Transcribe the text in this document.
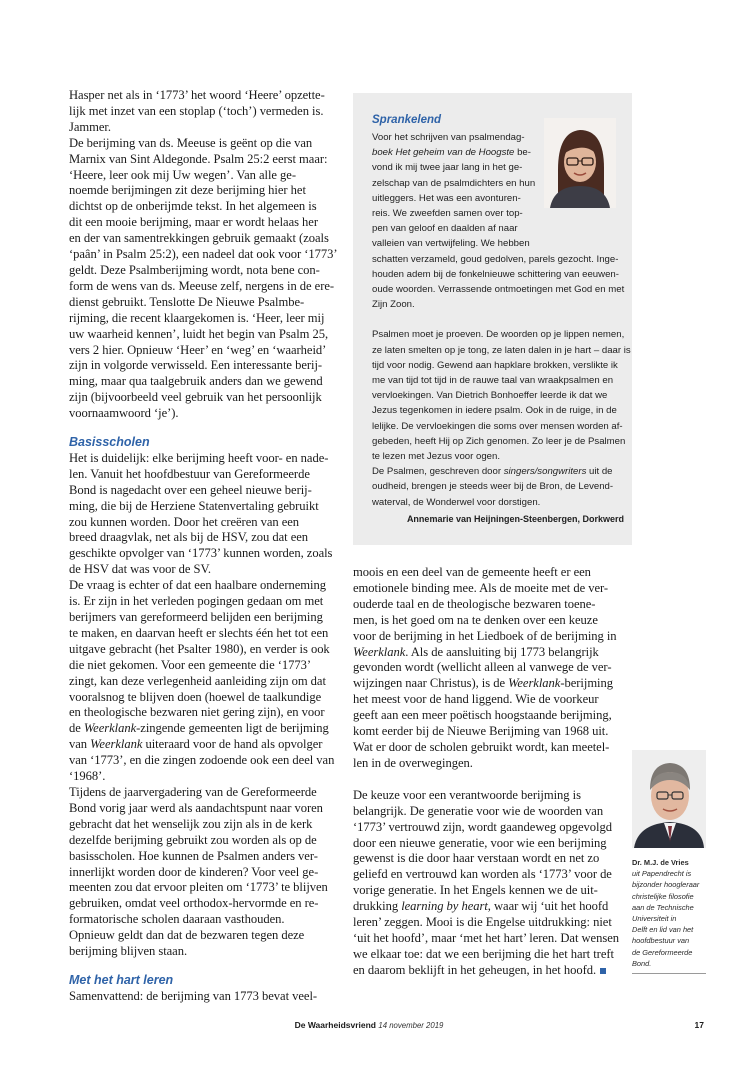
Hasper net als in ‘1773’ het woord ‘Heere’ opzette-
lijk met inzet van een stoplap (‘toch’) vermeden is.
Jammer.
De berijming van ds. Meeuse is geënt op die van
Marnix van Sint Aldegonde. Psalm 25:2 eerst maar:
‘Heere, leer ook mij Uw wegen’. Van alle ge-
noemde berijmingen zit deze berijming hier het
dichtst op de onberijmde tekst. In het algemeen is
dit een mooie berijming, maar er wordt helaas her
en der van samentrekkingen gebruik gemaakt (zoals
‘paân’ in Psalm 25:2), een nadeel dat ook voor ‘1773’
geldt. Deze Psalmberijming wordt, nota bene con-
form de wens van ds. Meeuse zelf, nergens in de ere-
dienst gebruikt. Tenslotte De Nieuwe Psalmbe-
rijming, die recent klaargekomen is. ‘Heer, leer mij
uw waarheid kennen’, luidt het begin van Psalm 25,
vers 2 hier. Opnieuw ‘Heer’ en ‘weg’ en ‘waarheid’
zijn in volgorde verwisseld. Een interessante berij-
ming, maar qua taalgebruik anders dan we gewend
zijn (bijvoorbeeld veel gebruik van het persoonlijk
voornaamwoord ‘je’).

Basisscholen

Het is duidelijk: elke berijming heeft voor- en nade-
len. Vanuit het hoofdbestuur van Gereformeerde
Bond is nagedacht over een geheel nieuwe berij-
ming, die bij de Herziene Statenvertaling gebruikt
zou kunnen worden. Door het creëren van een
breed draagvlak, net als bij de HSV, zou dat een
geschikte opvolger van ‘1773’ kunnen worden, zoals
de HSV dat was voor de SV.

De vraag is echter of dat een haalbare onderneming
is. Er zijn in het verleden pogingen gedaan om met
berijmers van gereformeerd belijden een berijming
te maken, en daarvan heeft er slechts één het tot een
uitgave gebracht (het Psalter 1980), en verder is ook
die niet gekomen. Voor een gemeente die ‘1773’
zingt, kan deze verlegenheid aanleiding zijn om dat
vooralsnog te blijven doen (hoewel de taalkundige
en theologische bezwaren niet gering zijn), en voor
de Weerklank-zingende gemeenten ligt de berijming
van Weerklank uiteraard voor de hand als opvolger
van ‘1773’, en die zingen zodoende ook een deel van
‘1968’.

Tijdens de jaarvergadering van de Gereformeerde
Bond vorig jaar werd als aandachtspunt naar voren
gebracht dat het wenselijk zou zijn als in de kerk
dezelfde berijming gebruikt zou worden als op de
basisscholen. Hoe kunnen de Psalmen anders ver-
innerlijkt worden door de kinderen? Voor veel ge-
meenten zou dat ervoor pleiten om ‘1773’ te blijven
gebruiken, omdat veel orthodox-hervormde en re-
formatorische scholen daaraan vasthouden.
Opnieuw geldt dan dat de bezwaren tegen deze
berijming blijven staan.

Met het hart leren

Samenvattend: de berijming van 1773 bevat veel-

Sprankelend

Voor het schrijven van psalmendag-
boek Het geheim van de Hoogste be-
vond ik mij twee jaar lang in het ge-
zelschap van de psalmdichters en hun
uitleggers. Het was een avonturen-
reis. We zweefden samen over top-
pen van geloof en daalden af naar
valleien van vertwijfeling. We hebben
schatten verzameld, goud gedolven, parels gezocht. Inge-
houden adem bij de fonkelnieuwe schittering van eeuwen-
oude woorden. Verrassende ontmoetingen met God en met
Zijn Zoon.

Psalmen moet je proeven. De woorden op je lippen nemen,
ze laten smelten op je tong, ze laten dalen in je hart – daar is
tijd voor nodig. Gewend aan hapklare brokken, verslikte ik
me van tijd tot tijd in de rauwe taal van wraakpsalmen en
vervloekingen. Van Dietrich Bonhoeffer leerde ik dat we
Jezus tegenkomen in iedere psalm. Ook in de ruige, in de
lelijke. De vervloekingen die soms over mensen worden af-
gebeden, heeft Hij op Zich genomen. Zo leer je de Psalmen
te lezen met Jezus voor ogen.
De Psalmen, geschreven door singers/songwriters uit de
oudheid, brengen je steeds weer bij de Bron, de Levend-
waterval, de Wonderwel voor dorstigen.

Annemarie van Heijningen-Steenbergen, Dorkwerd

moois en een deel van de gemeente heeft er een
emotionele binding mee. Als de moeite met de ver-
ouderde taal en de theologische bezwaren toene-
men, is het goed om na te denken over een keuze
voor de berijming in het Liedboek of de berijming in
Weerklank. Als de aansluiting bij 1773 belangrijk
gevonden wordt (wellicht alleen al vanwege de ver-
wijzingen naar Christus), is de Weerklank-berijming
het meest voor de hand liggend. Wie de voorkeur
geeft aan een meer poëtisch hoogstaande berijming,
komt eerder bij de Nieuwe Berijming van 1968 uit.
Wat er door de scholen gebruikt wordt, kan meetel-
len in de overwegingen.

De keuze voor een verantwoorde berijming is
belangrijk. De generatie voor wie de woorden van
‘1773’ vertrouwd zijn, wordt gaandeweg opgevolgd
door een nieuwe generatie, voor wie een berijming
gewenst is die door haar verstaan wordt en net zo
geliefd en vertrouwd kan worden als ‘1773’ voor de
vorige generatie. In het Engels kennen we de uit-
drukking learning by heart, waar wij ‘uit het hoofd
leren’ zeggen. Mooi is die Engelse uitdrukking: niet
‘uit het hoofd’, maar ‘met het hart’ leren. Dat wensen
we elkaar toe: dat we een berijming die het hart treft
en daarom beklijft in het geheugen, in het hoofd.

Dr. M.J. de Vries
uit Papendrecht is
bijzonder hoogleraar
christelijke filosofie
aan de Technische
Universiteit in
Delft en lid van het
hoofdbestuur van
de Gereformeerde
Bond.
De Waarheidsvriend 14 november 2019	17
